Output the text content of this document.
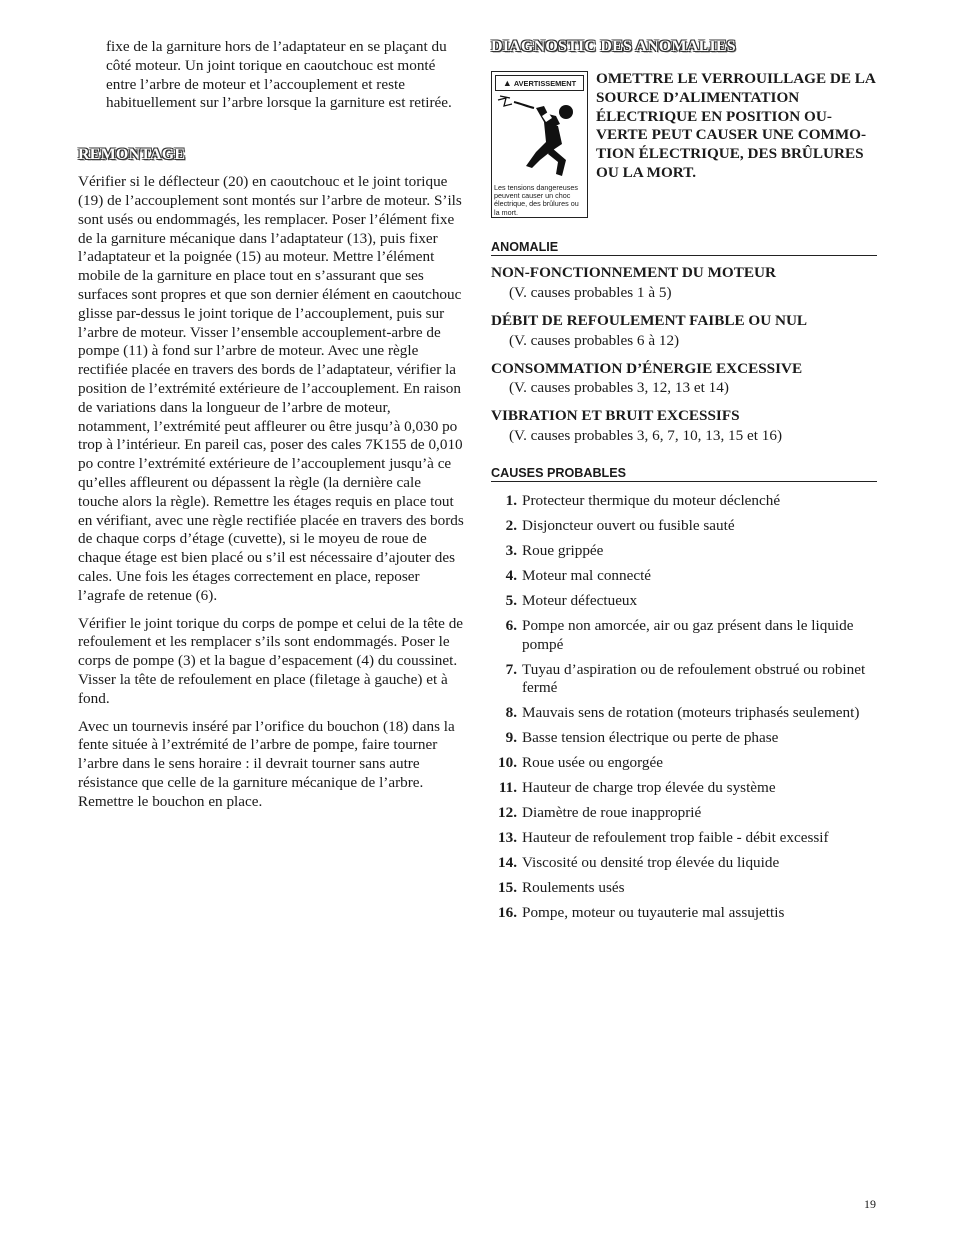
fixe de la garniture hors de l’adaptateur en se plaçant du côté moteur. Un joint torique en caoutchouc est monté entre l’arbre de moteur et l’accouplement et reste habituellement sur l’arbre lorsque la garniture est retirée.

REMONTAGE

Vérifier si le déflecteur (20) en caoutchouc et le joint torique (19) de l’accouplement sont montés sur l’arbre de moteur. S’ils sont usés ou endommagés, les remplacer. Poser l’élément fixe de la garniture mécanique dans l’adaptateur (13), puis fixer l’adaptateur et la poignée (15) au moteur. Mettre l’élément mobile de la garniture en place tout en s’assurant que ses surfaces sont propres et que son dernier élément en caoutchouc glisse par-dessus le joint torique de l’accouplement, puis sur l’arbre de moteur. Visser l’ensemble accouplement-arbre de pompe (11) à fond sur l’arbre de moteur. Avec une règle rectifiée placée en travers des bords de l’adaptateur, vérifier la position de l’extrémité extérieure de l’accouplement. En raison de variations dans la longueur de l’arbre de moteur, notamment, l’extrémité peut affleurer ou être jusqu’à 0,030 po trop à l’intérieur. En pareil cas, poser des cales 7K155 de 0,010 po contre l’extrémité extérieure de l’accouplement jusqu’à ce qu’elles affleurent ou dépassent la règle (la dernière cale touche alors la règle). Remettre les étages requis en place tout en vérifiant, avec une règle rectifiée placée en travers des bords de chaque corps d’étage (cuvette), si le moyeu de roue de chaque étage est bien placé ou s’il est nécessaire d’ajouter des cales. Une fois les étages correctement en place, reposer l’agrafe de retenue (6).

Vérifier le joint torique du corps de pompe et celui de la tête de refoulement et les remplacer s’ils sont endommagés. Poser le corps de pompe (3) et la bague d’espacement (4) du coussinet. Visser la tête de refoulement en place (filetage à gauche) et à fond.

Avec un tournevis inséré par l’orifice du bouchon (18) dans la fente située à l’extrémité de l’arbre de pompe, faire tourner l’arbre dans le sens horaire : il devrait tourner sans autre résistance que celle de la garniture mécanique de l’arbre. Remettre le bouchon en place.

DIAGNOSTIC DES ANOMALIES
▲ AVERTISSEMENT
Les tensions dangereuses peuvent causer un choc électrique, des brûlures ou la mort.
OMETTRE LE VERROUILLAGE DE LA SOURCE D’ALIMENTATION ÉLECTRIQUE EN POSITION OU-VERTE PEUT CAUSER UNE COMMO-TION ÉLECTRIQUE, DES BRÛLURES OU LA MORT.
ANOMALIE
NON-FONCTIONNEMENT DU MOTEUR
(V. causes probables 1 à 5)
DÉBIT DE REFOULEMENT FAIBLE OU NUL
(V. causes probables 6 à 12)
CONSOMMATION D’ÉNERGIE EXCESSIVE
(V. causes probables 3, 12, 13 et 14)
VIBRATION ET BRUIT EXCESSIFS
(V. causes probables 3, 6, 7, 10, 13, 15 et 16)
CAUSES PROBABLES
1. Protecteur thermique du moteur déclenché
2. Disjoncteur ouvert ou fusible sauté
3. Roue grippée
4. Moteur mal connecté
5. Moteur défectueux
6. Pompe non amorcée, air ou gaz présent dans le liquide pompé
7. Tuyau d’aspiration ou de refoulement obstrué ou robinet fermé
8. Mauvais sens de rotation (moteurs triphasés seulement)
9. Basse tension électrique ou perte de phase
10. Roue usée ou engorgée
11. Hauteur de charge trop élevée du système
12. Diamètre de roue inapproprié
13. Hauteur de refoulement trop faible - débit excessif
14. Viscosité ou densité trop élevée du liquide
15. Roulements usés
16. Pompe, moteur ou tuyauterie mal assujettis
19
